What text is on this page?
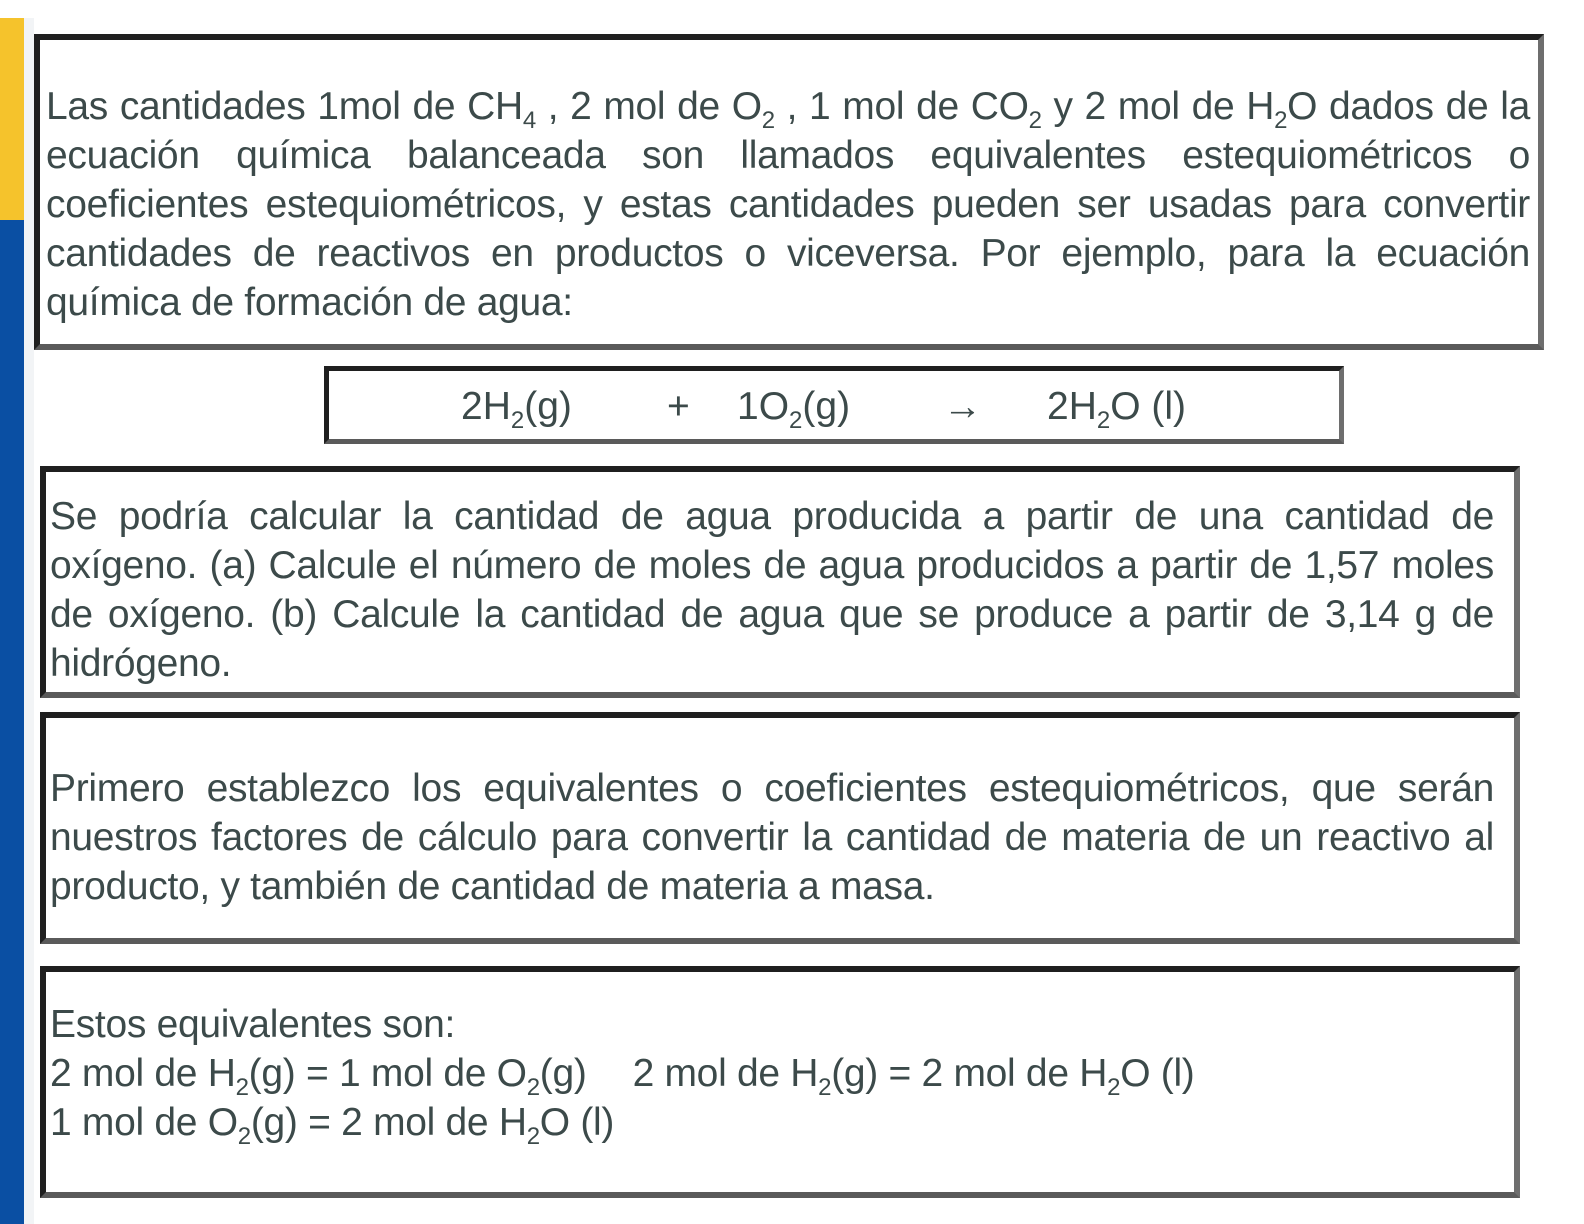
Las cantidades 1mol de $CH_4$ , 2 mol de $O_2$ , 1 mol de $CO_2$ y 2 mol de $H_2O$ dados de la ecuación química balanceada son llamados equivalentes estequiométricos o coeficientes estequiométricos, y estas cantidades pueden ser usadas para convertir cantidades de reactivos en productos o viceversa. Por ejemplo, para la ecuación química de formación de agua:

$2H_2(g) + 1O_2(g) \to 2H_2O$ (l)

Se podría calcular la cantidad de agua producida a partir de una cantidad de oxígeno. (a) Calcule el número de moles de agua producidos a partir de 1,57 moles de oxígeno. (b) Calcule la cantidad de agua que se produce a partir de 3,14 g de hidrógeno.

Primero establezco los equivalentes o coeficientes estequiométricos, que serán nuestros factores de cálculo para convertir la cantidad de materia de un reactivo al producto, y también de cantidad de materia a masa.

Estos equivalentes son:
2 mol de $H_2(g) = 1$ mol de $O_2(g)$ 2 mol de $H_2(g) = 2$ mol de $H_2O$ (l)
1 mol de $O_2(g) = 2$ mol de $H_2O$ (l)
